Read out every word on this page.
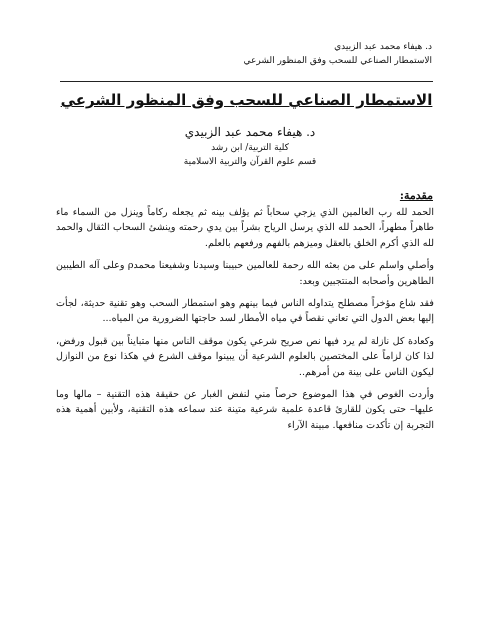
د. هيفاء محمد عبد الزبيدي
الاستمطار الصناعي للسحب وفق المنظور الشرعي
الاستمطار الصناعي للسحب وفق المنظور الشرعي
د. هيفاء محمد عبد الزبيدي
كلية التربية/ ابن رشد
قسم علوم القرآن والتربية الاسلامية
مقدمة:

الحمد لله رب العالمين الذي يزجي سحاباً ثم يؤلف بينه ثم يجعله ركاماً وينزل من السماء ماء طاهراً مطهراً، الحمد لله الذي يرسل الرياح بشراً بين يدي رحمته وينشئ السحاب الثقال والحمد لله الذي أكرم الخلق بالعقل وميزهم بالفهم ورفعهم بالعلم.

وأصلي واسلم على من بعثه الله رحمة للعالمين حبيبنا وسيدنا وشفيعنا محمدρ وعلى آله الطيبين الطاهرين وأصحابه المنتجبين وبعد:

فقد شاع مؤخراً مصطلح يتداوله الناس فيما بينهم وهو استمطار السحب وهو تقنية حديثة، لجأت إليها بعض الدول التي تعاني نقصاً في مياه الأمطار لسد حاجتها الضرورية من المياه...

وكعادة كل نازلة لم يرد فيها نص صريح شرعي يكون موقف الناس منها متبايناً بين قبول ورفض، لذا كان لزاماً على المختصين بالعلوم الشرعية أن يبينوا موقف الشرع في هكذا نوع من النوازل ليكون الناس على بينة من أمرهم..

وأردت الغوص في هذا الموضوع حرصاً مني لنفض الغبار عن حقيقة هذه التقنية – مالها وما عليها– حتى يكون للقارئ قاعدة علمية شرعية متينة عند سماعه هذه التقنية، ولأبين أهمية هذه التجربة إن تأكدت منافعها. مبينة الآراء
